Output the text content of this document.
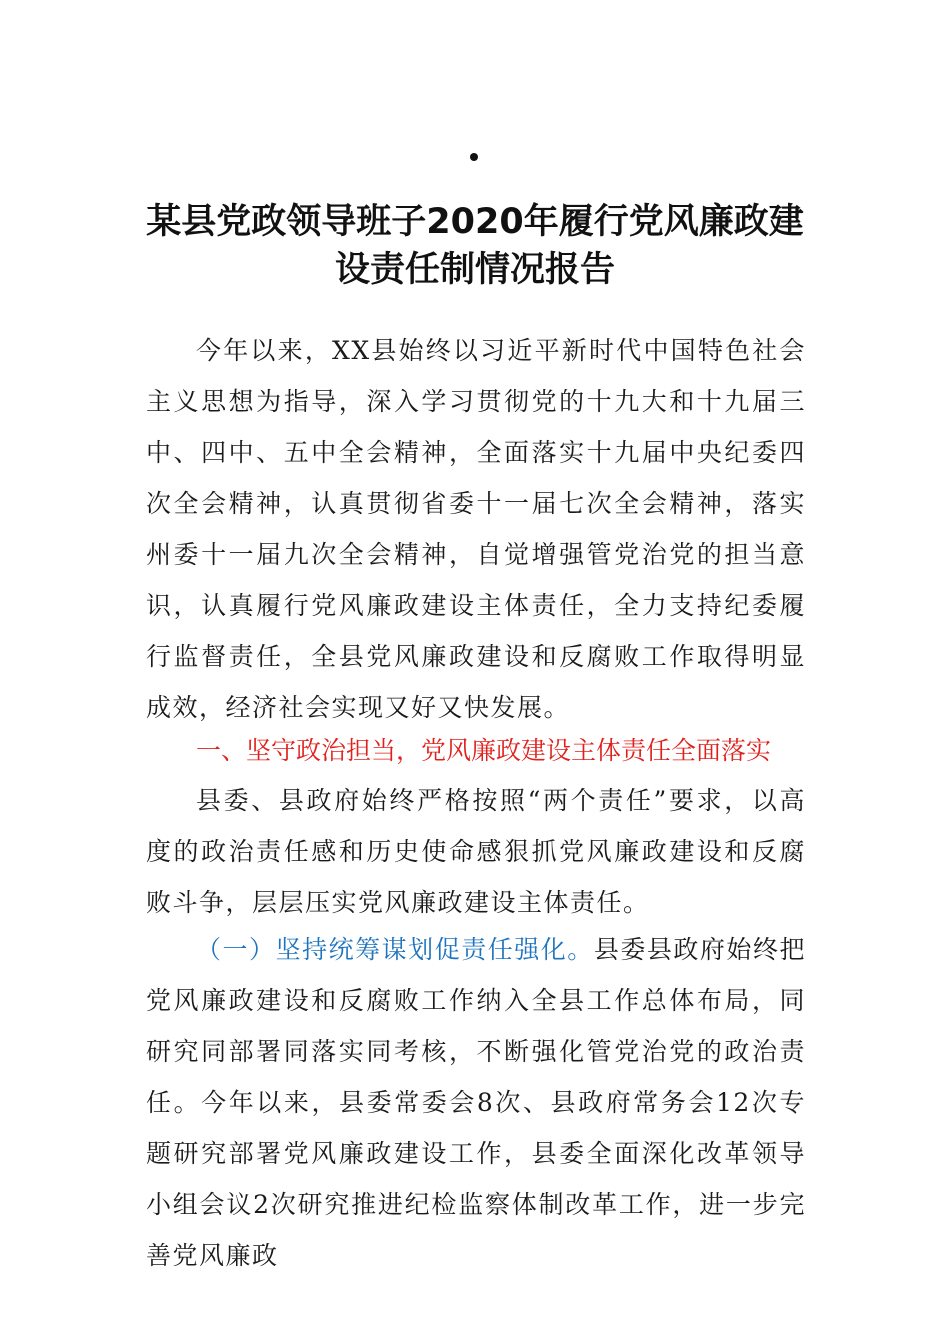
某县党政领导班子2020年履行党风廉政建
设责任制情况报告
今年以来，XX县始终以习近平新时代中国特色社会主义思想为指导，深入学习贯彻党的十九大和十九届三中、四中、五中全会精神，全面落实十九届中央纪委四次全会精神，认真贯彻省委十一届七次全会精神，落实州委十一届九次全会精神，自觉增强管党治党的担当意识，认真履行党风廉政建设主体责任，全力支持纪委履行监督责任，全县党风廉政建设和反腐败工作取得明显成效，经济社会实现又好又快发展。
一、坚守政治担当，党风廉政建设主体责任全面落实
县委、县政府始终严格按照“两个责任”要求，以高度的政治责任感和历史使命感狠抓党风廉政建设和反腐败斗争，层层压实党风廉政建设主体责任。
（一）坚持统筹谋划促责任强化。县委县政府始终把党风廉政建设和反腐败工作纳入全县工作总体布局，同研究同部署同落实同考核，不断强化管党治党的政治责任。今年以来，县委常委会8次、县政府常务会12次专题研究部署党风廉政建设工作，县委全面深化改革领导小组会议2次研究推进纪检监察体制改革工作，进一步完善党风廉政
